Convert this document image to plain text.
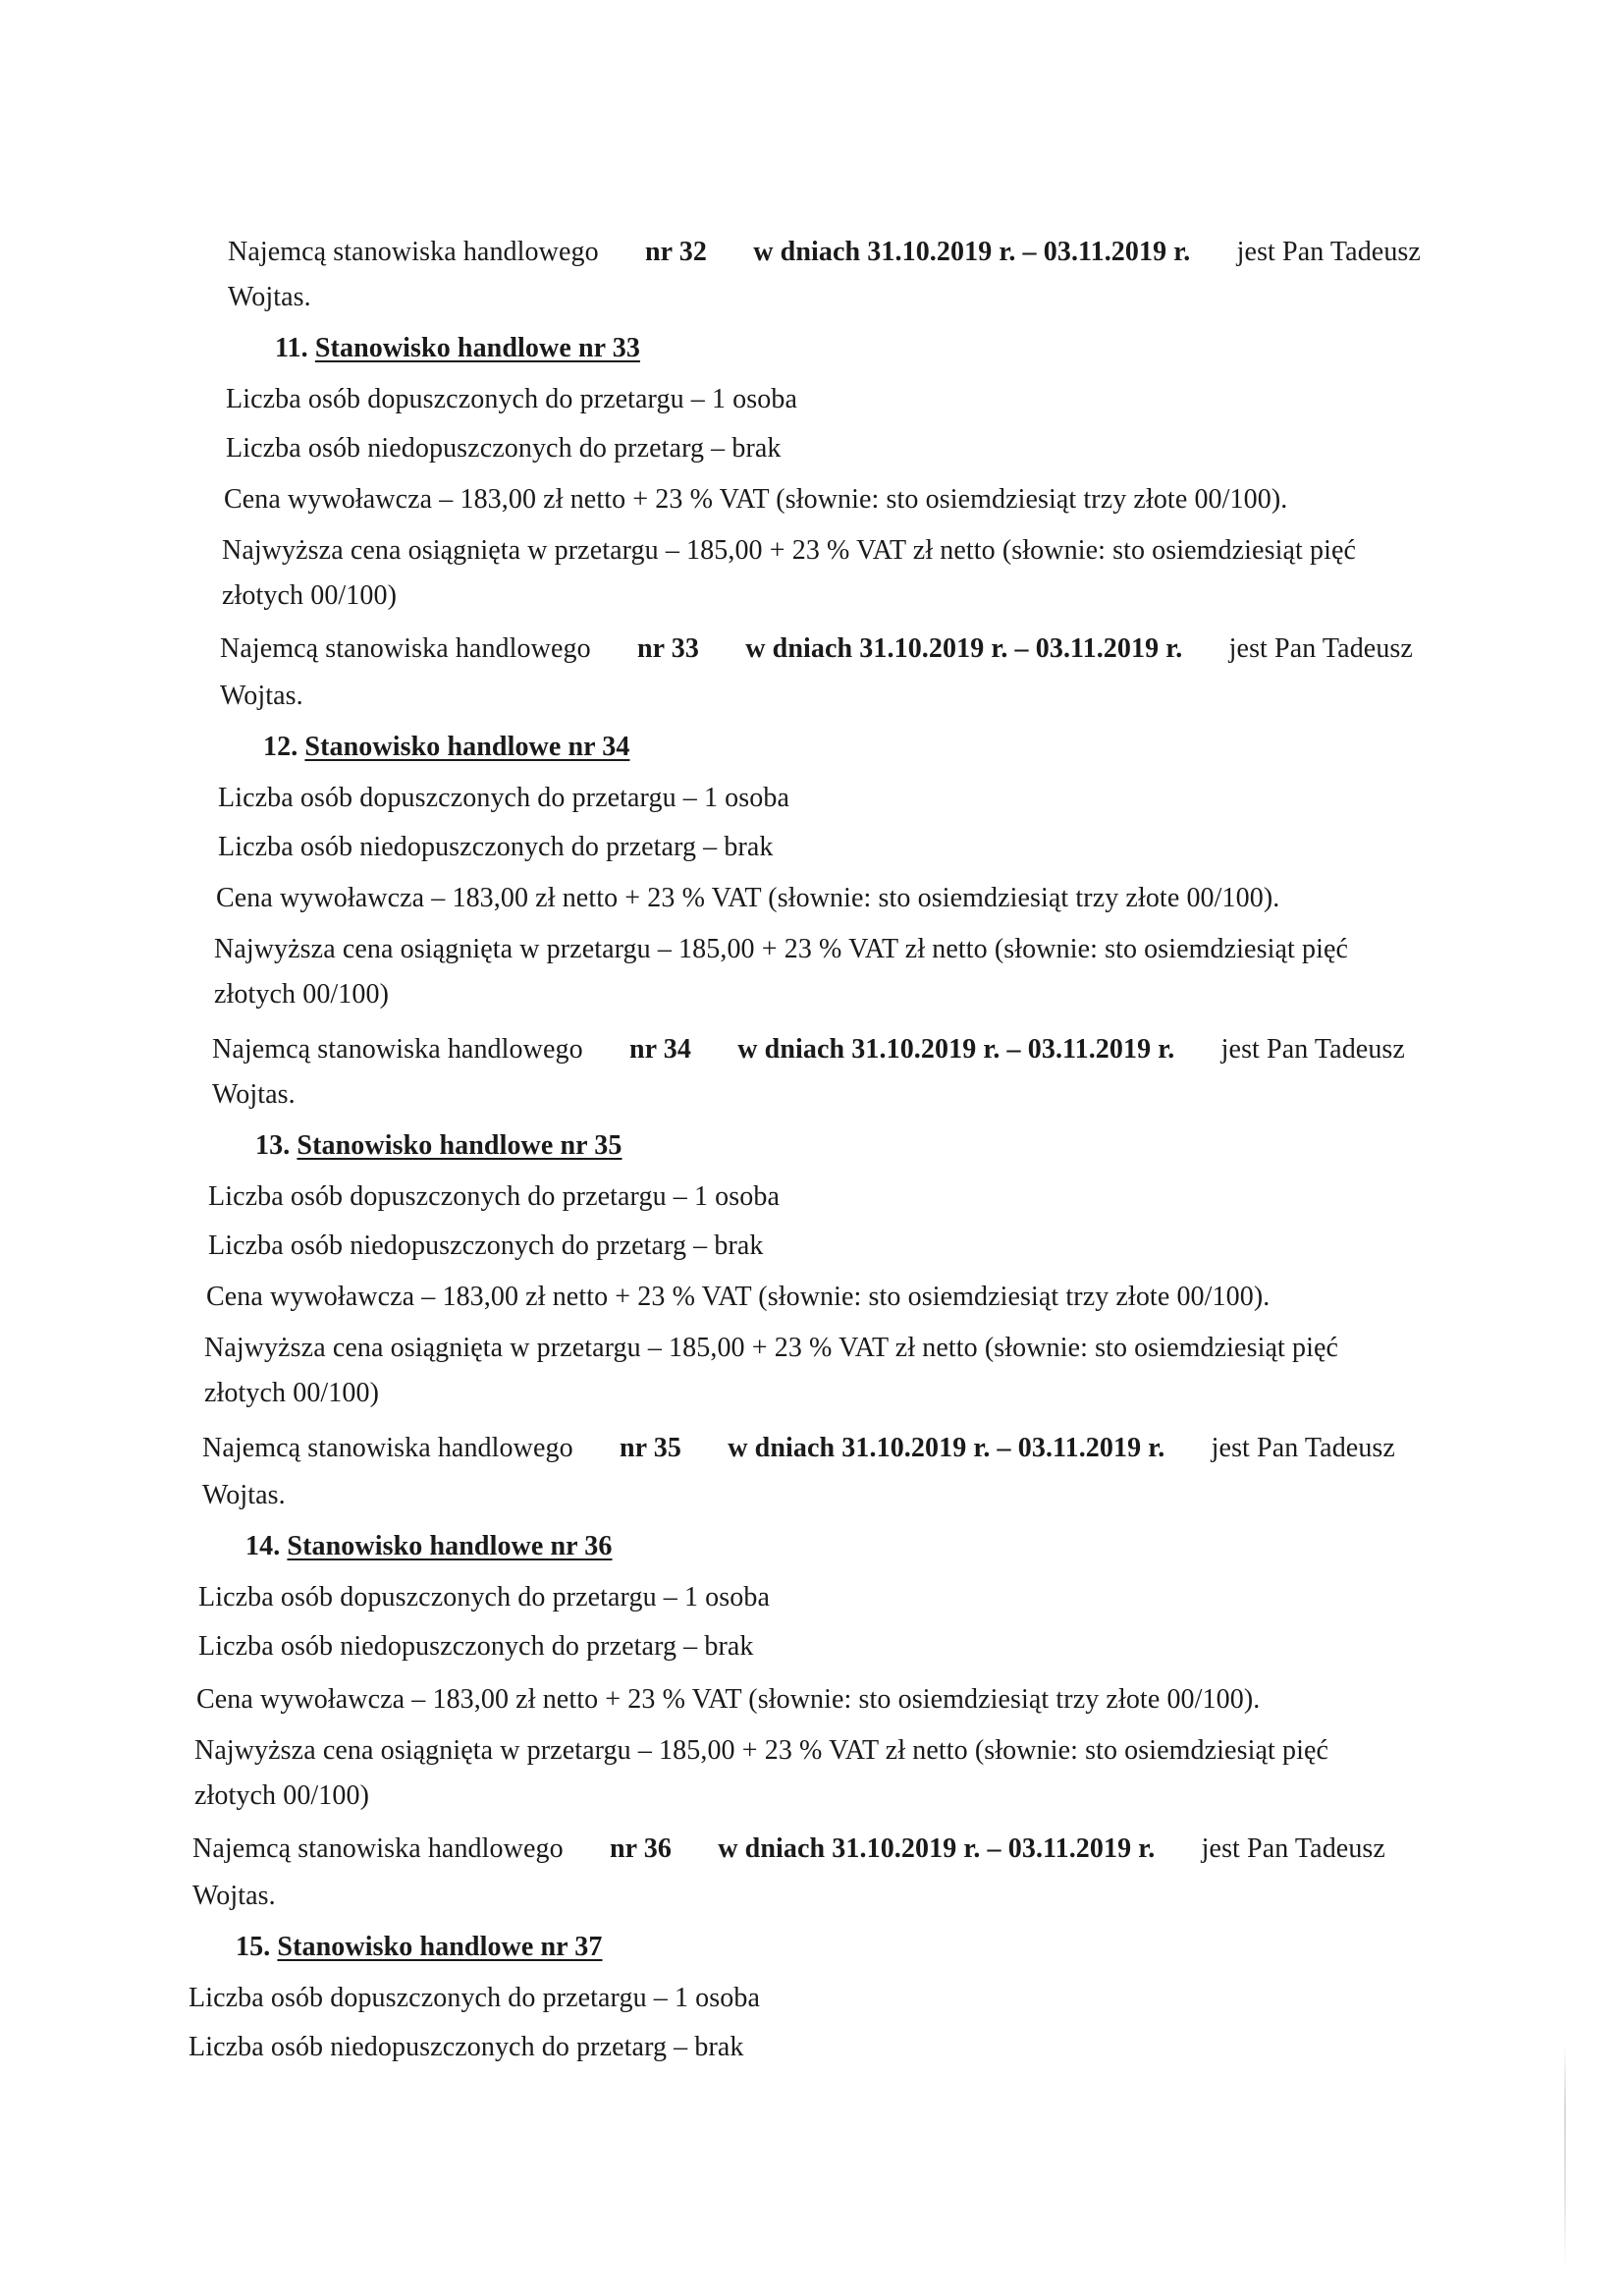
Najemcą stanowiska handlowego nr 32 w dniach 31.10.2019 r. – 03.11.2019 r. jest Pan Tadeusz
Wojtas.
11. Stanowisko handlowe nr 33
Liczba osób dopuszczonych do przetargu – 1 osoba
Liczba osób niedopuszczonych do przetarg – brak
Cena wywoławcza – 183,00 zł netto + 23 % VAT (słownie: sto osiemdziesiąt trzy złote 00/100).
Najwyższa cena osiągnięta w przetargu – 185,00 + 23 % VAT zł netto (słownie: sto osiemdziesiąt pięć
złotych 00/100)
Najemcą stanowiska handlowego nr 33 w dniach 31.10.2019 r. – 03.11.2019 r. jest Pan Tadeusz
Wojtas.
12. Stanowisko handlowe nr 34
Liczba osób dopuszczonych do przetargu – 1 osoba
Liczba osób niedopuszczonych do przetarg – brak
Cena wywoławcza – 183,00 zł netto + 23 % VAT (słownie: sto osiemdziesiąt trzy złote 00/100).
Najwyższa cena osiągnięta w przetargu – 185,00 + 23 % VAT zł netto (słownie: sto osiemdziesiąt pięć
złotych 00/100)
Najemcą stanowiska handlowego nr 34 w dniach 31.10.2019 r. – 03.11.2019 r. jest Pan Tadeusz
Wojtas.
13. Stanowisko handlowe nr 35
Liczba osób dopuszczonych do przetargu – 1 osoba
Liczba osób niedopuszczonych do przetarg – brak
Cena wywoławcza – 183,00 zł netto + 23 % VAT (słownie: sto osiemdziesiąt trzy złote 00/100).
Najwyższa cena osiągnięta w przetargu – 185,00 + 23 % VAT zł netto (słownie: sto osiemdziesiąt pięć
złotych 00/100)
Najemcą stanowiska handlowego nr 35 w dniach 31.10.2019 r. – 03.11.2019 r. jest Pan Tadeusz
Wojtas.
14. Stanowisko handlowe nr 36
Liczba osób dopuszczonych do przetargu – 1 osoba
Liczba osób niedopuszczonych do przetarg – brak
Cena wywoławcza – 183,00 zł netto + 23 % VAT (słownie: sto osiemdziesiąt trzy złote 00/100).
Najwyższa cena osiągnięta w przetargu – 185,00 + 23 % VAT zł netto (słownie: sto osiemdziesiąt pięć
złotych 00/100)
Najemcą stanowiska handlowego nr 36 w dniach 31.10.2019 r. – 03.11.2019 r. jest Pan Tadeusz
Wojtas.
15. Stanowisko handlowe nr 37
Liczba osób dopuszczonych do przetargu – 1 osoba
Liczba osób niedopuszczonych do przetarg – brak
